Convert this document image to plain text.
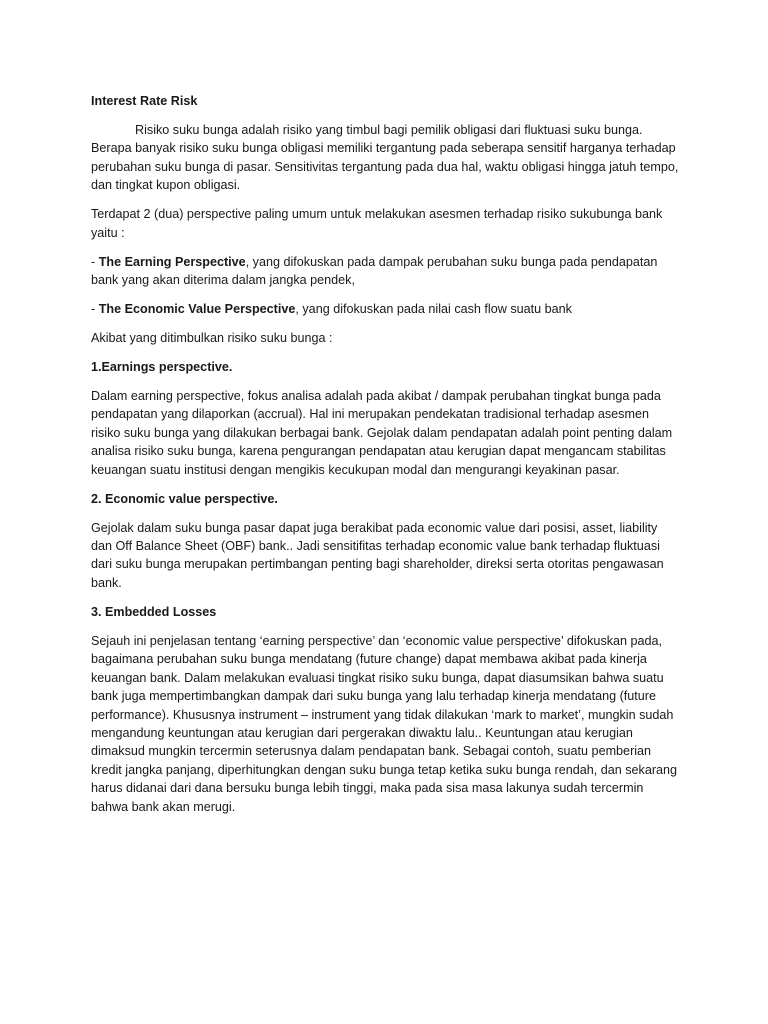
Interest Rate Risk

Risiko suku bunga adalah risiko yang timbul bagi pemilik obligasi dari fluktuasi suku bunga. Berapa banyak risiko suku bunga obligasi memiliki tergantung pada seberapa sensitif harganya terhadap perubahan suku bunga di pasar. Sensitivitas tergantung pada dua hal, waktu obligasi hingga jatuh tempo, dan tingkat kupon obligasi.

Terdapat 2 (dua) perspective paling umum untuk melakukan asesmen terhadap risiko sukubunga bank yaitu :

- The Earning Perspective, yang difokuskan pada dampak perubahan suku bunga pada pendapatan bank yang akan diterima dalam jangka pendek,

- The Economic Value Perspective, yang difokuskan pada nilai cash flow suatu bank

Akibat yang ditimbulkan risiko suku bunga :

1.Earnings perspective.

Dalam earning perspective, fokus analisa adalah pada akibat / dampak perubahan tingkat bunga pada pendapatan yang dilaporkan (accrual). Hal ini merupakan pendekatan tradisional terhadap asesmen risiko suku bunga yang dilakukan berbagai bank. Gejolak dalam pendapatan adalah point penting dalam analisa risiko suku bunga, karena pengurangan pendapatan atau kerugian dapat mengancam stabilitas keuangan suatu institusi dengan mengikis kecukupan modal dan mengurangi keyakinan pasar.

2. Economic value perspective.

Gejolak dalam suku bunga pasar dapat juga berakibat pada economic value dari posisi, asset, liability dan Off Balance Sheet (OBF) bank.. Jadi sensitifitas terhadap economic value bank terhadap fluktuasi dari suku bunga merupakan pertimbangan penting bagi shareholder, direksi serta otoritas pengawasan bank.

3. Embedded Losses

Sejauh ini penjelasan tentang ‘earning perspective’ dan ‘economic value perspective’ difokuskan pada, bagaimana perubahan suku bunga mendatang (future change) dapat membawa akibat pada kinerja keuangan bank. Dalam melakukan evaluasi tingkat risiko suku bunga, dapat diasumsikan bahwa suatu bank juga mempertimbangkan dampak dari suku bunga yang lalu terhadap kinerja mendatang (future performance). Khususnya instrument – instrument yang tidak dilakukan ‘mark to market’, mungkin sudah mengandung keuntungan atau kerugian dari pergerakan diwaktu lalu.. Keuntungan atau kerugian dimaksud mungkin tercermin seterusnya dalam pendapatan bank. Sebagai contoh, suatu pemberian kredit jangka panjang, diperhitungkan dengan suku bunga tetap ketika suku bunga rendah, dan sekarang harus didanai dari dana bersuku bunga lebih tinggi, maka pada sisa masa lakunya sudah tercermin bahwa bank akan merugi.
